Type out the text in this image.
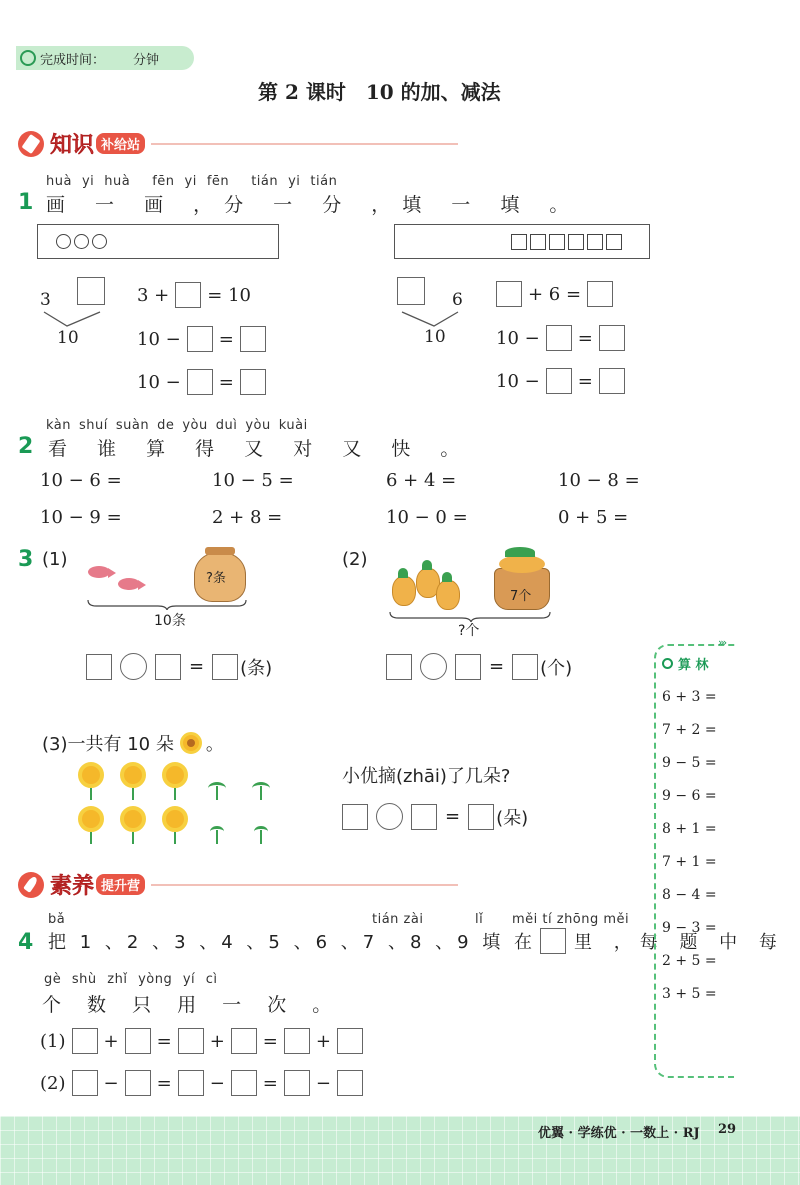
完成时间： 分钟
第 2 课时　10 的加、减法
知识 补给站
huà yi huà fēn yi fēn tián yi tián
1 画 一 画 ，分 一 分 ，填 一 填 。
3
10
3 + = 10
10 − =
10 − =
6
10
+ 6 =
10 − =
10 − =
kàn shuí suàn de yòu duì yòu kuài
2 看 谁 算 得 又 对 又 快 。
10 − 6 =	10 − 5 =	6 + 4 =	10 − 8 =
10 − 9 =	2 + 8 =	10 − 0 =	0 + 5 =
3 (1)
?条
10条
= (条)
(2)
7个
?个
= (个)
(3)一共有 10 朵 。
小优摘(zhāi)了几朵?
= (朵)
素养 提升营
bǎ	tián zài	lǐ měi tí zhōng měi
4 把 1 、2 、3 、4 、5 、6 、7 、8 、9 填 在 里 ，每 题 中 每
gè shù zhǐ yòng yí cì
个 数 只 用 一 次 。
(1) + = + = +
(2) − = − = −
算 林
6 + 3 =
7 + 2 =
9 − 5 =
9 − 6 =
8 + 1 =
7 + 1 =
8 − 4 =
9 − 3 =
2 + 5 =
3 + 5 =
›››
优翼 · 学练优 · 一数上 · RJ 29
